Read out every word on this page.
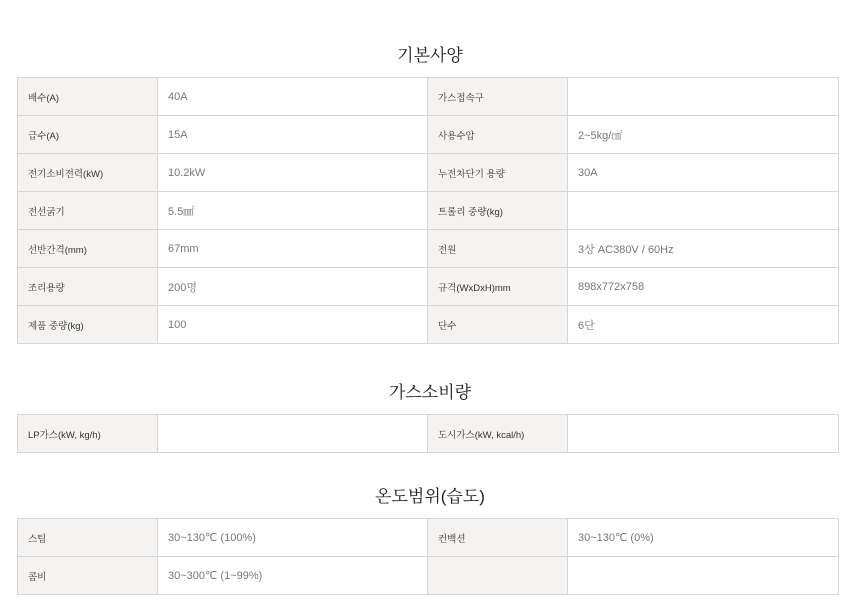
기본사양
배수(A)	40A	가스접속구	
급수(A)	15A	사용수압	2~5kg/㎠
전기소비전력(kW)	10.2kW	누전차단기 용량	30A
전선굵기	5.5㎟	트롤리 중량(kg)	
선반간격(mm)	67mm	전원	3상 AC380V / 60Hz
조리용량	200명	규격(WxDxH)mm	898x772x758
제품 중량(kg)	100	단수	6단
가스소비량
LP가스(kW, kg/h)		도시가스(kW, kcal/h)	
온도범위(습도)
스팀	30~130℃ (100%)	컨백션	30~130℃ (0%)
콤비	30~300℃ (1~99%)		
